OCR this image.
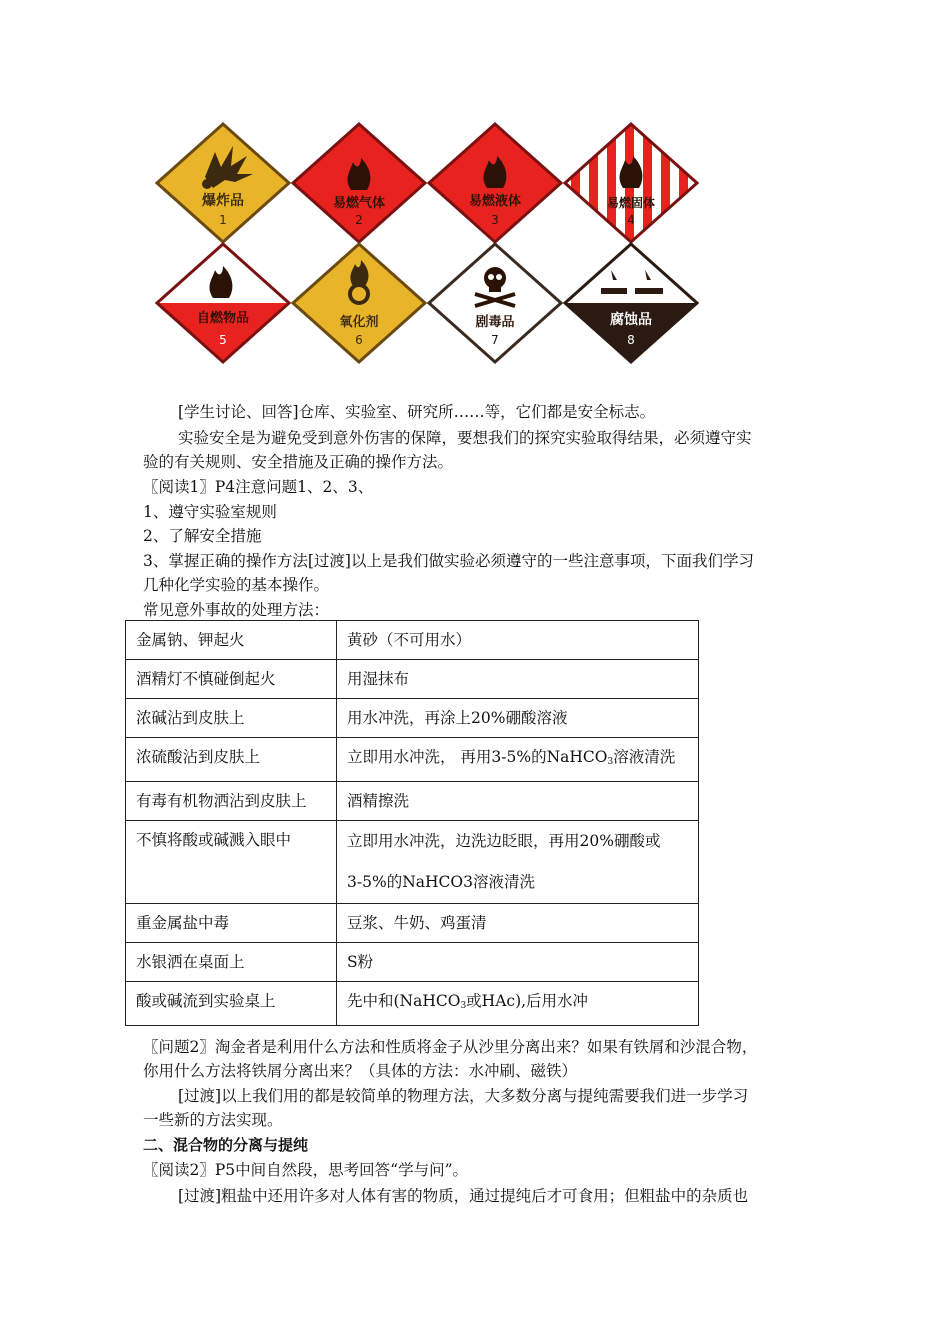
爆炸品
1
易燃气体
2
易燃液体
3
易燃固体
4
自燃物品
5
氧化剂
6
剧毒品
7
腐蚀品
8
[学生讨论、回答]仓库、实验室、研究所……等，它们都是安全标志。
实验安全是为避免受到意外伤害的保障，要想我们的探究实验取得结果，必须遵守实
验的有关规则、安全措施及正确的操作方法。
〖阅读1〗P4注意问题1、2、3、
1、遵守实验室规则
2、了解安全措施
3、掌握正确的操作方法[过渡]以上是我们做实验必须遵守的一些注意事项，下面我们学习
几种化学实验的基本操作。
常见意外事故的处理方法：
金属钠、钾起火	黄砂（不可用水）
酒精灯不慎碰倒起火	用湿抹布
浓碱沾到皮肤上	用水冲洗，再涂上20%硼酸溶液
浓硫酸沾到皮肤上	立即用水冲洗， 再用3-5%的NaHCO$_3$溶液清洗
有毒有机物洒沾到皮肤上	酒精擦洗
不慎将酸或碱溅入眼中	立即用水冲洗，边洗边眨眼，再用20%硼酸或
3-5%的NaHCO3溶液清洗

重金属盐中毒	豆浆、牛奶、鸡蛋清
水银洒在桌面上	S粉
酸或碱流到实验桌上	先中和(NaHCO$_3$或HAc),后用水冲
〖问题2〗淘金者是利用什么方法和性质将金子从沙里分离出来？如果有铁屑和沙混合物，
你用什么方法将铁屑分离出来？（具体的方法：水冲刷、磁铁）
[过渡]以上我们用的都是较简单的物理方法，大多数分离与提纯需要我们进一步学习
一些新的方法实现。
二、混合物的分离与提纯
〖阅读2〗P5中间自然段，思考回答“学与问”。
[过渡]粗盐中还用许多对人体有害的物质，通过提纯后才可食用；但粗盐中的杂质也
